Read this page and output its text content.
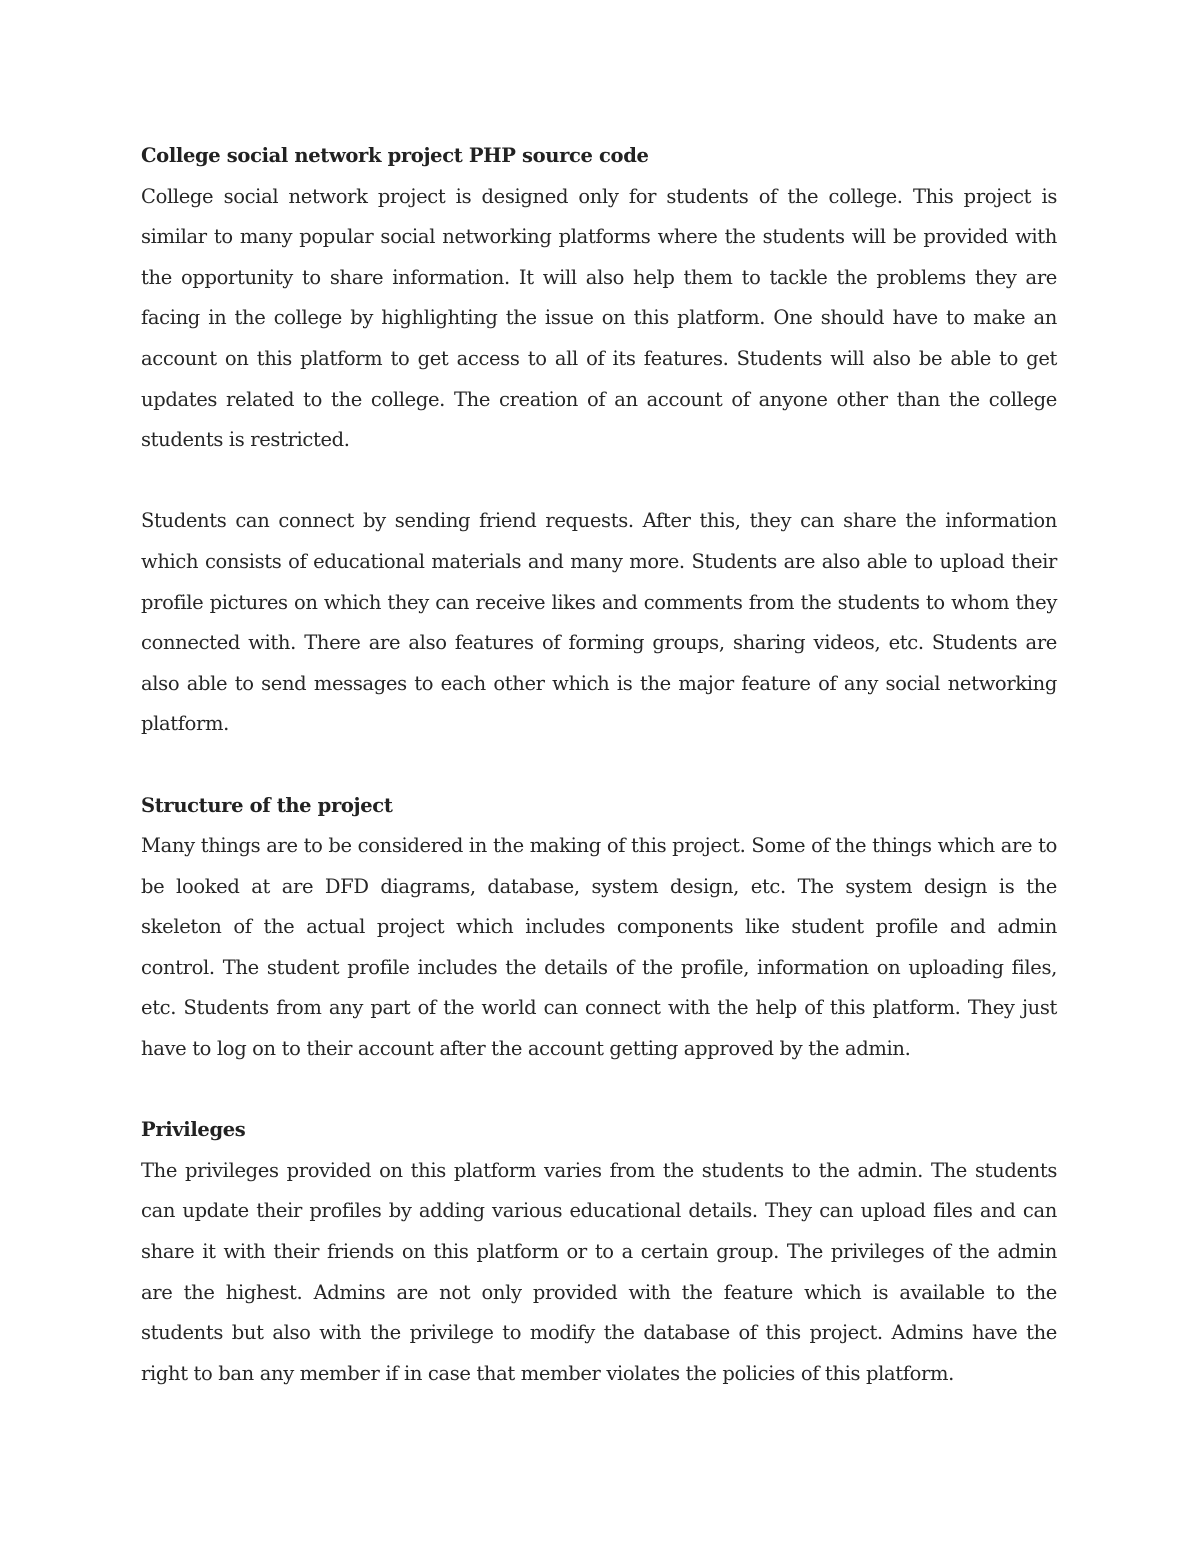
College social network project PHP source code

College social network project is designed only for students of the college. This project is similar to many popular social networking platforms where the students will be provided with the opportunity to share information. It will also help them to tackle the problems they are facing in the college by highlighting the issue on this platform. One should have to make an account on this platform to get access to all of its features. Students will also be able to get updates related to the college. The creation of an account of anyone other than the college students is restricted.

Students can connect by sending friend requests. After this, they can share the information which consists of educational materials and many more. Students are also able to upload their profile pictures on which they can receive likes and comments from the students to whom they connected with. There are also features of forming groups, sharing videos, etc. Students are also able to send messages to each other which is the major feature of any social networking platform.

Structure of the project

Many things are to be considered in the making of this project. Some of the things which are to be looked at are DFD diagrams, database, system design, etc. The system design is the skeleton of the actual project which includes components like student profile and admin control. The student profile includes the details of the profile, information on uploading files, etc. Students from any part of the world can connect with the help of this platform. They just have to log on to their account after the account getting approved by the admin.

Privileges

The privileges provided on this platform varies from the students to the admin. The students can update their profiles by adding various educational details. They can upload files and can share it with their friends on this platform or to a certain group. The privileges of the admin are the highest. Admins are not only provided with the feature which is available to the students but also with the privilege to modify the database of this project. Admins have the right to ban any member if in case that member violates the policies of this platform.
